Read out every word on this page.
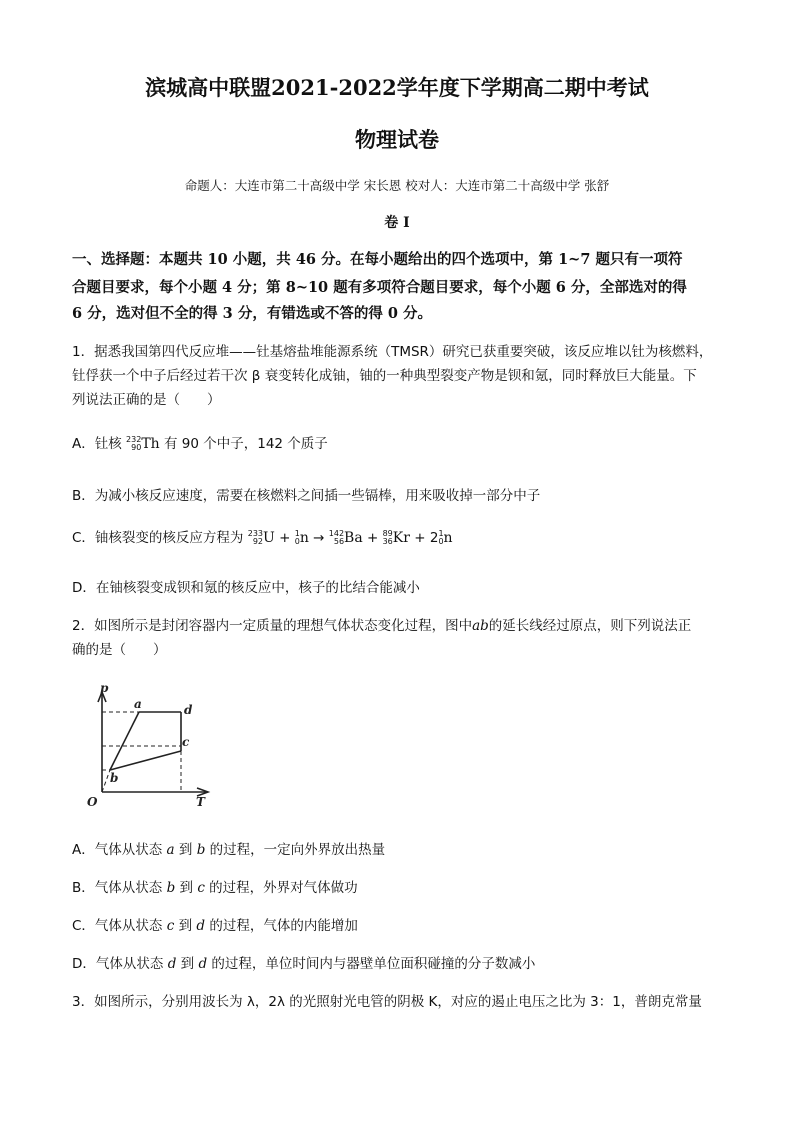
滨城高中联盟2021-2022学年度下学期高二期中考试
物理试卷
命题人：大连市第二十高级中学 宋长恩 校对人：大连市第二十高级中学 张舒
卷 I
一、选择题：本题共 10 小题，共 46 分。在每小题给出的四个选项中，第 1~7 题只有一项符
合题目要求，每个小题 4 分；第 8~10 题有多项符合题目要求，每个小题 6 分，全部选对的得
6 分，选对但不全的得 3 分，有错选或不答的得 0 分。
1．据悉我国第四代反应堆——钍基熔盐堆能源系统（TMSR）研究已获重要突破，该反应堆以钍为核燃料，
钍俘获一个中子后经过若干次 β 衰变转化成铀，铀的一种典型裂变产物是钡和氪，同时释放巨大能量。下
列说法正确的是（　　）
A．钍核 232
90 Th 有 90 个中子，142 个质子
B．为减小核反应速度，需要在核燃料之间插一些镉棒，用来吸收掉一部分中子
C．铀核裂变的核反应方程为 233
92 U + 1
0 n → 142
56 Ba + 89
36 Kr + 2 1
0 n
D．在铀核裂变成钡和氪的核反应中，核子的比结合能减小
2．如图所示是封闭容器内一定质量的理想气体状态变化过程，图中ab的延长线经过原点，则下列说法正
确的是（　　）
p
T
O
a	d
c
b
A．气体从状态 a 到 b 的过程，一定向外界放出热量
B．气体从状态 b 到 c 的过程，外界对气体做功
C．气体从状态 c 到 d 的过程，气体的内能增加
D．气体从状态 d 到 d 的过程，单位时间内与器壁单位面积碰撞的分子数减小
3．如图所示，分别用波长为 λ，2λ 的光照射光电管的阴极 K，对应的遏止电压之比为 3：1，普朗克常量
